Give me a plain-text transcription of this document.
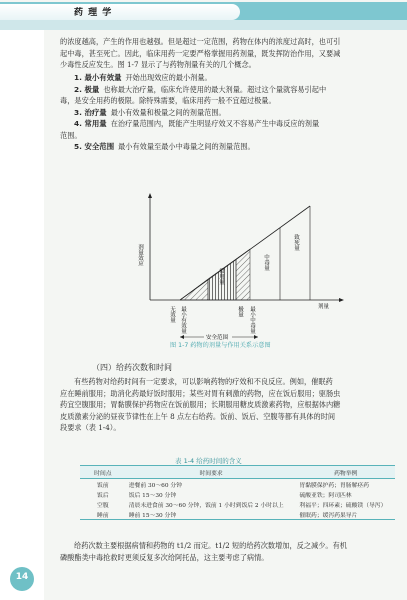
药 理 学
的浓度越高，产生的作用也越强。但是超过一定范围，药物在体内的浓度过高时，也可引
起中毒，甚至死亡。因此，临床用药一定要严格掌握用药剂量，既发挥防治作用，又要减
少毒性反应发生。图 1-7 显示了与药物剂量有关的几个概念。
1. 最小有效量 开始出现效应的最小剂量。
2. 极量 也称最大治疗量，临床允许使用的最大剂量。超过这个量就容易引起中
毒，是安全用药的极限。除特殊需要，临床用药一般不宜超过极量。
3. 治疗量 最小有效量和极量之间的剂量范围。
4. 常用量 在治疗量范围内，既能产生明显疗效又不容易产生中毒反应的剂量
范围。
5. 安全范围 最小有效量至最小中毒量之间的剂量范围。
剂量效应
常用量
中毒量
致死量
无效量 最小有效量	极量 最小中毒量	剂量
安全范围
图 1-7 药物的剂量与作用关系示意图
（四）给药次数和时间
有些药物对给药时间有一定要求，可以影响药物的疗效和不良反应。例如，催眠药
应在睡前服用；助消化药最好饭时服用；某些对胃有刺激的药物，应在饭后服用；驱肠虫
药宜空腹服用；胃黏膜保护药物应在饭前服用；长期服用糖皮质激素药物，应根据体内糖
皮质激素分泌的昼夜节律性在上午 8 点左右给药。饭前、饭后、空腹等都有具体的时间
段要求（表 1-4）。
表 1-4 给药时间的含义
时间点	时间要求	药物举例
饭前	进餐前 30～60 分钟	胃黏膜保护药；胃肠解痉药
饭后	饭后 15～30 分钟	硫酸亚铁；阿司匹林
空腹	清晨未进食前 30～60 分钟，饭前 1 小时到饭后 2 小时以上	利福平；四环素；硫酸镁（导泻）
睡前	睡前 15～30 分钟	催眠药；缓泻药果导片
给药次数主要根据病情和药物的 t1/2 而定。t1/2 短的给药次数增加，反之减少。有机
磷酸酯类中毒抢救时更须反复多次给阿托品，这主要考虑了病情。
14
